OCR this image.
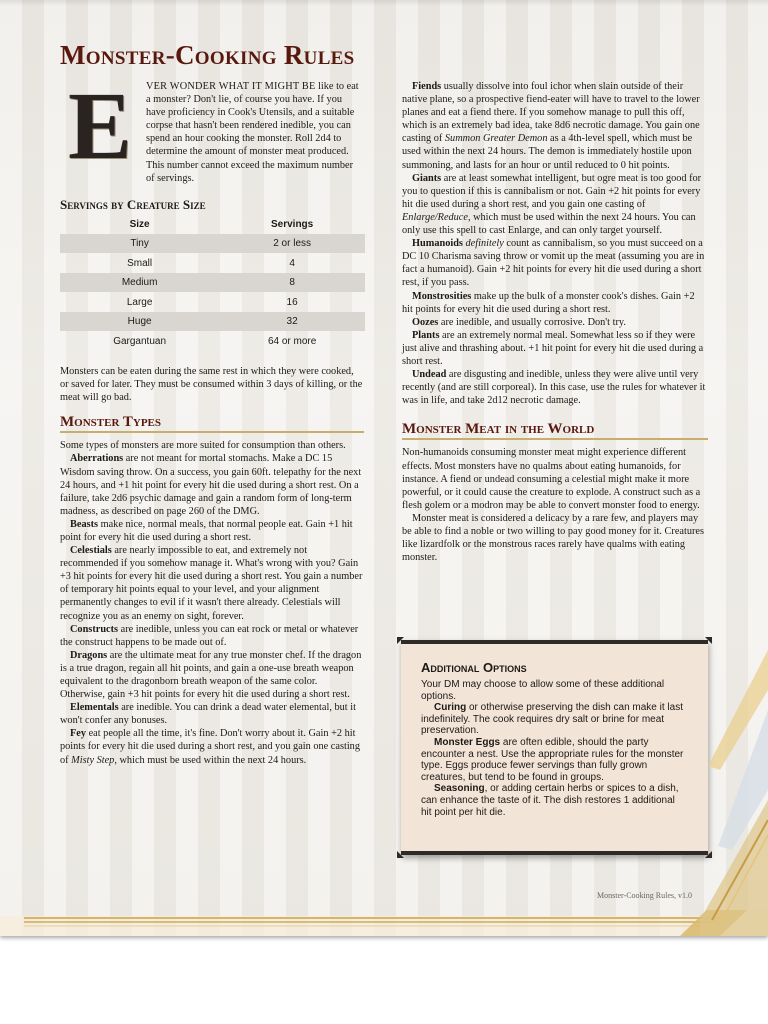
Monster-Cooking Rules
E	VER WONDER WHAT IT MIGHT BE like to eat a monster? Don't lie, of course you have. If you have proficiency in Cook's Utensils, and a suitable corpse that hasn't been rendered inedible, you can spend an hour cooking the monster. Roll 2d4 to determine the amount of monster meat produced. This number cannot exceed the maximum number of servings.

Servings by Creature Size
Size	Servings
Tiny	2 or less
Small	4
Medium	8
Large	16
Huge	32
Gargantuan	64 or more

Monsters can be eaten during the same rest in which they were cooked, or saved for later. They must be consumed within 3 days of killing, or the meat will go bad.

Monster Types

Some types of monsters are more suited for consumption than others.

Aberrations are not meant for mortal stomachs. Make a DC 15 Wisdom saving throw. On a success, you gain 60ft. telepathy for the next 24 hours, and +1 hit point for every hit die used during a short rest. On a failure, take 2d6 psychic damage and gain a random form of long-term madness, as described on page 260 of the DMG.

Beasts make nice, normal meals, that normal people eat. Gain +1 hit point for every hit die used during a short rest.

Celestials are nearly impossible to eat, and extremely not recommended if you somehow manage it. What's wrong with you? Gain +3 hit points for every hit die used during a short rest. You gain a number of temporary hit points equal to your level, and your alignment permanently changes to evil if it wasn't there already. Celestials will recognize you as an enemy on sight, forever.

Constructs are inedible, unless you can eat rock or metal or whatever the construct happens to be made out of.

Dragons are the ultimate meat for any true monster chef. If the dragon is a true dragon, regain all hit points, and gain a one-use breath weapon equivalent to the dragonborn breath weapon of the same color. Otherwise, gain +3 hit points for every hit die used during a short rest.

Elementals are inedible. You can drink a dead water elemental, but it won't confer any bonuses.

Fey eat people all the time, it's fine. Don't worry about it. Gain +2 hit points for every hit die used during a short rest, and you gain one casting of Misty Step, which must be used within the next 24 hours.

Fiends usually dissolve into foul ichor when slain outside of their native plane, so a prospective fiend-eater will have to travel to the lower planes and eat a fiend there. If you somehow manage to pull this off, which is an extremely bad idea, take 8d6 necrotic damage. You gain one casting of Summon Greater Demon as a 4th-level spell, which must be used within the next 24 hours. The demon is immediately hostile upon summoning, and lasts for an hour or until reduced to 0 hit points.

Giants are at least somewhat intelligent, but ogre meat is too good for you to question if this is cannibalism or not. Gain +2 hit points for every hit die used during a short rest, and you gain one casting of Enlarge/Reduce, which must be used within the next 24 hours. You can only use this spell to cast Enlarge, and can only target yourself.

Humanoids definitely count as cannibalism, so you must succeed on a DC 10 Charisma saving throw or vomit up the meat (assuming you are in fact a humanoid). Gain +2 hit points for every hit die used during a short rest, if you pass.

Monstrosities make up the bulk of a monster cook's dishes. Gain +2 hit points for every hit die used during a short rest.

Oozes are inedible, and usually corrosive. Don't try.

Plants are an extremely normal meal. Somewhat less so if they were just alive and thrashing about. +1 hit point for every hit die used during a short rest.

Undead are disgusting and inedible, unless they were alive until very recently (and are still corporeal). In this case, use the rules for whatever it was in life, and take 2d12 necrotic damage.

Monster Meat in the World

Non-humanoids consuming monster meat might experience different effects. Most monsters have no qualms about eating humanoids, for instance. A fiend or undead consuming a celestial might make it more powerful, or it could cause the creature to explode. A construct such as a flesh golem or a modron may be able to convert monster food to energy.

Monster meat is considered a delicacy by a rare few, and players may be able to find a noble or two willing to pay good money for it. Creatures like lizardfolk or the monstrous races rarely have qualms with eating monster.

Additional Options

Your DM may choose to allow some of these additional options.

Curing or otherwise preserving the dish can make it last indefinitely. The cook requires dry salt or brine for meat preservation.

Monster Eggs are often edible, should the party encounter a nest. Use the appropriate rules for the monster type. Eggs produce fewer servings than fully grown creatures, but tend to be found in groups.

Seasoning, or adding certain herbs or spices to a dish, can enhance the taste of it. The dish restores 1 additional hit point per hit die.

Monster-Cooking Rules, v1.0
